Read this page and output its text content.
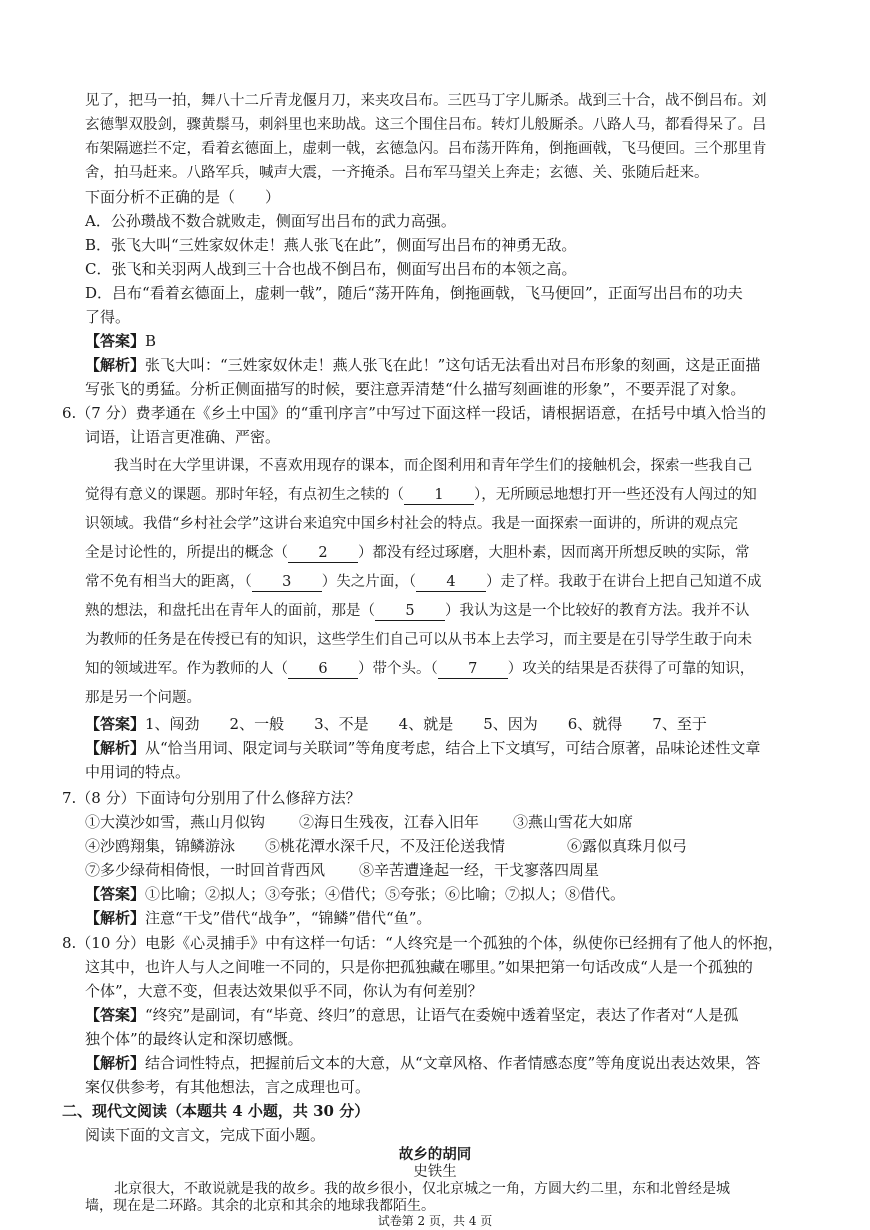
见了，把马一拍，舞八十二斤青龙偃月刀，来夹攻吕布。三匹马丁字儿厮杀。战到三十合，战不倒吕布。刘
玄德掣双股剑，骤黄鬃马，刺斜里也来助战。这三个围住吕布。转灯儿般厮杀。八路人马，都看得呆了。吕
布架隔遮拦不定，看着玄德面上，虚刺一戟，玄德急闪。吕布荡开阵角，倒拖画戟，飞马便回。三个那里肯
舍，拍马赶来。八路军兵，喊声大震，一齐掩杀。吕布军马望关上奔走；玄德、关、张随后赶来。
下面分析不正确的是（　　）
A．公孙瓒战不数合就败走，侧面写出吕布的武力高强。
B．张飞大叫“三姓家奴休走！燕人张飞在此”，侧面写出吕布的神勇无敌。
C．张飞和关羽两人战到三十合也战不倒吕布，侧面写出吕布的本领之高。
D．吕布“看着玄德面上，虚刺一戟”，随后“荡开阵角，倒拖画戟，飞马便回”，正面写出吕布的功夫
了得。
【答案】B
【解析】张飞大叫：“三姓家奴休走！燕人张飞在此！”这句话无法看出对吕布形象的刻画，这是正面描
写张飞的勇猛。分析正侧面描写的时候，要注意弄清楚“什么描写刻画谁的形象”，不要弄混了对象。
6.（7 分）费孝通在《乡土中国》的“重刊序言”中写过下面这样一段话，请根据语意，在括号中填入恰当的
词语，让语言更准确、严密。
我当时在大学里讲课，不喜欢用现存的课本，而企图利用和青年学生们的接触机会，探索一些我自己
觉得有意义的课题。那时年轻，有点初生之犊的（ 1 ），无所顾忌地想打开一些还没有人闯过的知
识领域。我借“乡村社会学”这讲台来追究中国乡村社会的特点。我是一面探索一面讲的，所讲的观点完
全是讨论性的，所提出的概念（ 2 ）都没有经过琢磨，大胆朴素，因而离开所想反映的实际，常
常不免有相当大的距离，（ 3 ）失之片面，（ 4 ）走了样。我敢于在讲台上把自己知道不成
熟的想法，和盘托出在青年人的面前，那是（ 5 ）我认为这是一个比较好的教育方法。我并不认
为教师的任务是在传授已有的知识，这些学生们自己可以从书本上去学习，而主要是在引导学生敢于向未
知的领域进军。作为教师的人（ 6 ）带个头。（ 7 ）攻关的结果是否获得了可靠的知识，
那是另一个问题。
【答案】1、闯劲　　2、一般　　3、不是　　4、就是　　5、因为　　6、就得　　7、至于
【解析】从“恰当用词、限定词与关联词”等角度考虑，结合上下文填写，可结合原著，品味论述性文章
中用词的特点。
7.（8 分）下面诗句分别用了什么修辞方法？
①大漠沙如雪，燕山月似钩 ②海日生残夜，江春入旧年 ③燕山雪花大如席
④沙鸥翔集，锦鳞游泳 ⑤桃花潭水深千尺，不及汪伦送我情	⑥露似真珠月似弓
⑦多少绿荷相倚恨，一时回首背西风 ⑧辛苦遭逢起一经，干戈寥落四周星
【答案】①比喻；②拟人；③夸张；④借代；⑤夸张；⑥比喻；⑦拟人；⑧借代。
【解析】注意“干戈”借代“战争”，“锦鳞”借代“鱼”。
8.（10 分）电影《心灵捕手》中有这样一句话：“人终究是一个孤独的个体，纵使你已经拥有了他人的怀抱，
这其中，也许人与人之间唯一不同的，只是你把孤独藏在哪里。”如果把第一句话改成“人是一个孤独的
个体”，大意不变，但表达效果似乎不同，你认为有何差别？
【答案】“终究”是副词，有“毕竟、终归”的意思，让语气在委婉中透着坚定，表达了作者对“人是孤
独个体”的最终认定和深切感慨。
【解析】结合词性特点，把握前后文本的大意，从“文章风格、作者情感态度”等角度说出表达效果，答
案仅供参考，有其他想法，言之成理也可。
二、现代文阅读（本题共 4 小题，共 30 分）
阅读下面的文言文，完成下面小题。
试卷第 2 页，共 4 页
故乡的胡同
史铁生
北京很大，不敢说就是我的故乡。我的故乡很小，仅北京城之一角，方圆大约二里，东和北曾经是城
墙，现在是二环路。其余的北京和其余的地球我都陌生。
